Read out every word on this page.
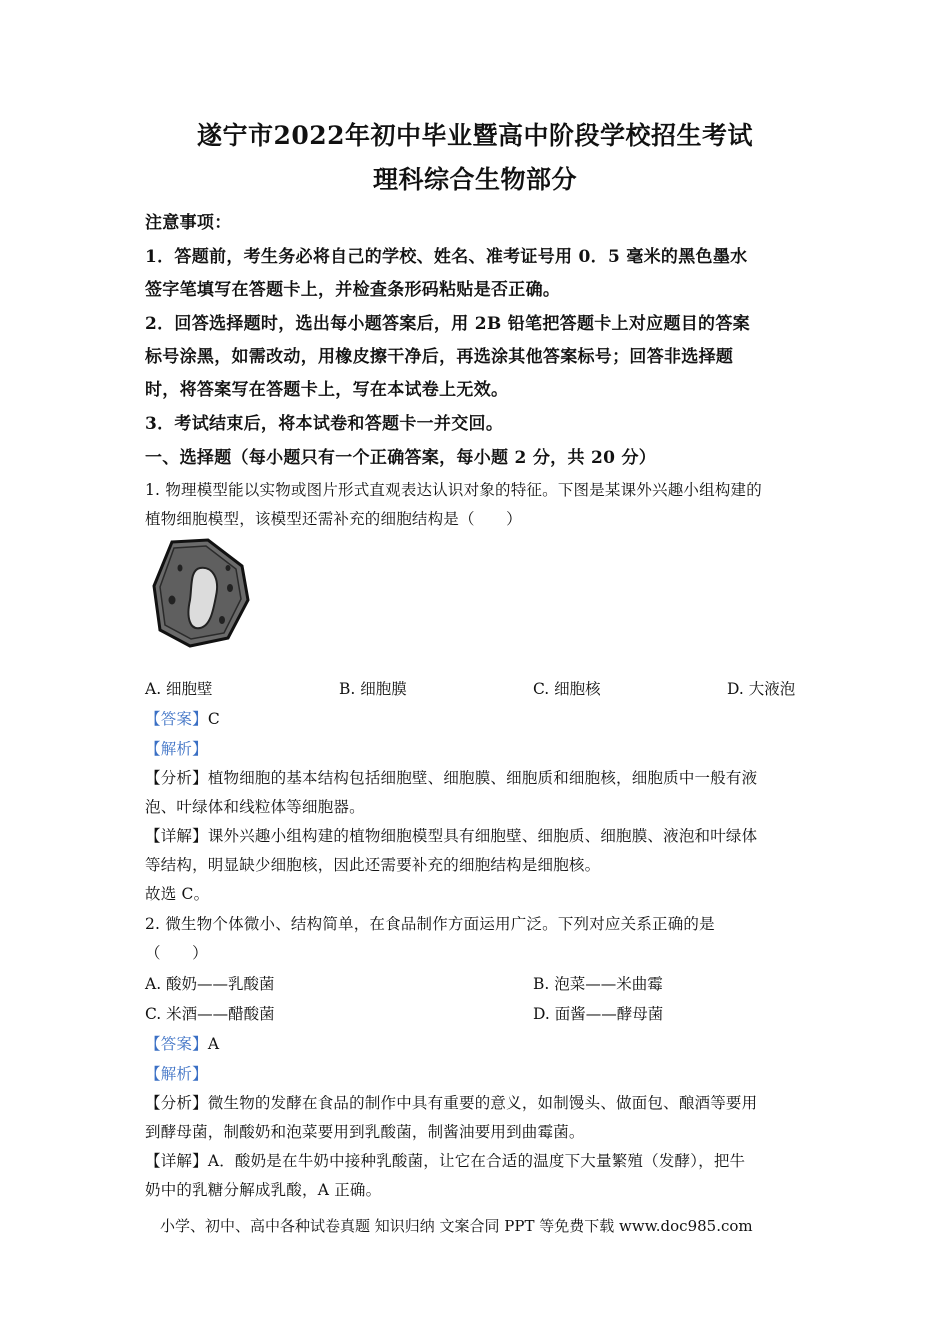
遂宁市2022年初中毕业暨高中阶段学校招生考试
理科综合生物部分
注意事项：
1．答题前，考生务必将自己的学校、姓名、准考证号用 0．5 毫米的黑色墨水
签字笔填写在答题卡上，并检查条形码粘贴是否正确。
2．回答选择题时，选出每小题答案后，用 2B 铅笔把答题卡上对应题目的答案
标号涂黑，如需改动，用橡皮擦干净后，再选涂其他答案标号；回答非选择题
时，将答案写在答题卡上，写在本试卷上无效。
3．考试结束后，将本试卷和答题卡一并交回。
一、选择题（每小题只有一个正确答案，每小题 2 分，共 20 分）
1. 物理模型能以实物或图片形式直观表达认识对象的特征。下图是某课外兴趣小组构建的
植物细胞模型，该模型还需补充的细胞结构是（　　）
A. 细胞壁	B. 细胞膜	C. 细胞核	D. 大液泡
【答案】C
【解析】
【分析】植物细胞的基本结构包括细胞壁、细胞膜、细胞质和细胞核，细胞质中一般有液
泡、叶绿体和线粒体等细胞器。
【详解】课外兴趣小组构建的植物细胞模型具有细胞壁、细胞质、细胞膜、液泡和叶绿体
等结构，明显缺少细胞核，因此还需要补充的细胞结构是细胞核。
故选 C。
2. 微生物个体微小、结构简单，在食品制作方面运用广泛。下列对应关系正确的是
（　　）
A. 酸奶——乳酸菌	B. 泡菜——米曲霉
C. 米酒——醋酸菌	D. 面酱——酵母菌
【答案】A
【解析】
【分析】微生物的发酵在食品的制作中具有重要的意义，如制馒头、做面包、酿酒等要用
到酵母菌，制酸奶和泡菜要用到乳酸菌，制酱油要用到曲霉菌。
【详解】A．酸奶是在牛奶中接种乳酸菌，让它在合适的温度下大量繁殖（发酵），把牛
奶中的乳糖分解成乳酸，A 正确。
小学、初中、高中各种试卷真题 知识归纳 文案合同 PPT 等免费下载 www.doc985.com
